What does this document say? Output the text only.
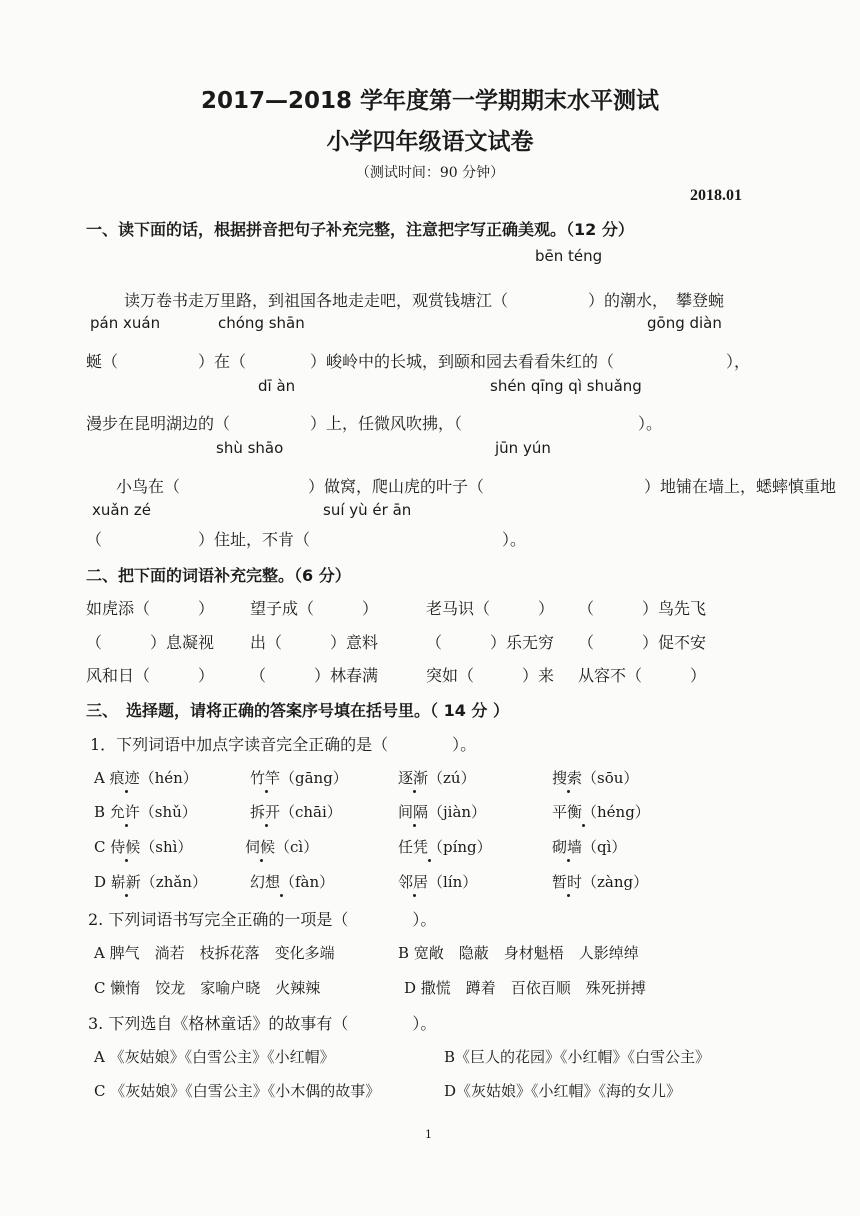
2017—2018 学年度第一学期期末水平测试
小学四年级语文试卷
（测试时间：90 分钟）
2018.01
一、读下面的话，根据拼音把句子补充完整，注意把字写正确美观。（12 分）
bēn téng
读万卷书走万里路，到祖国各地走走吧，观赏钱塘江（　　　　　）的潮水，　攀登蜿
pán xuán	chóng shān	gōng diàn
蜒（　　　　　）在（　　　　）峻岭中的长城，到颐和园去看看朱红的（　　　　　　　），
dī àn	shén qīng qì shuǎng
漫步在昆明湖边的（　　　　　）上，任微风吹拂，（　　　　　　　　　　　）。
shù shāo	jūn yún
小鸟在（　　　　　　　　）做窝，爬山虎的叶子（　　　　　　　　　　）地铺在墙上，蟋蟀慎重地
xuǎn zé	suí yù ér ān
（　　　　　　）住址，不肯（　　　　　　　　　　　　）。
二、把下面的词语补充完整。（6 分）
如虎添（　　　） 望子成（　　　）	老马识（　　　） （　　　）鸟先飞
（　　　）息凝视 出（　　　）意料	（　　　）乐无穷 （　　　）促不安
风和日（　　　） （　　　）林春满	突如（　　　）来 从容不（　　　）
三、　选择题，请将正确的答案序号填在括号里。（ 14 分 ）
1．下列词语中加点字读音完全正确的是（　　　　）。
A 痕迹（hén）	竹竿（gāng）	逐渐（zú）	搜索（sōu）
B 允许（shǔ）	拆开（chāi）	间隔（jiàn）	平衡（héng）
C 侍候（shì）	伺候（cì）	任凭（píng）	砌墙（qì）
D 崭新（zhǎn）	幻想（fàn）	邻居（lín）	暂时（zàng）
2. 下列词语书写完全正确的一项是（　　　　）。
A 脾气　淌若　枝拆花落　变化多端	B 宽敞　隐蔽　身材魁梧　人影绰绰
C 懒惰　饺龙　家喻户晓　火辣辣	D 撒慌　蹲着　百依百顺　殊死拼搏
3. 下列选自《格林童话》的故事有（　　　　）。
A 《灰姑娘》《白雪公主》《小红帽》	B《巨人的花园》《小红帽》《白雪公主》
C 《灰姑娘》《白雪公主》《小木偶的故事》	D《灰姑娘》《小红帽》《海的女儿》
1
